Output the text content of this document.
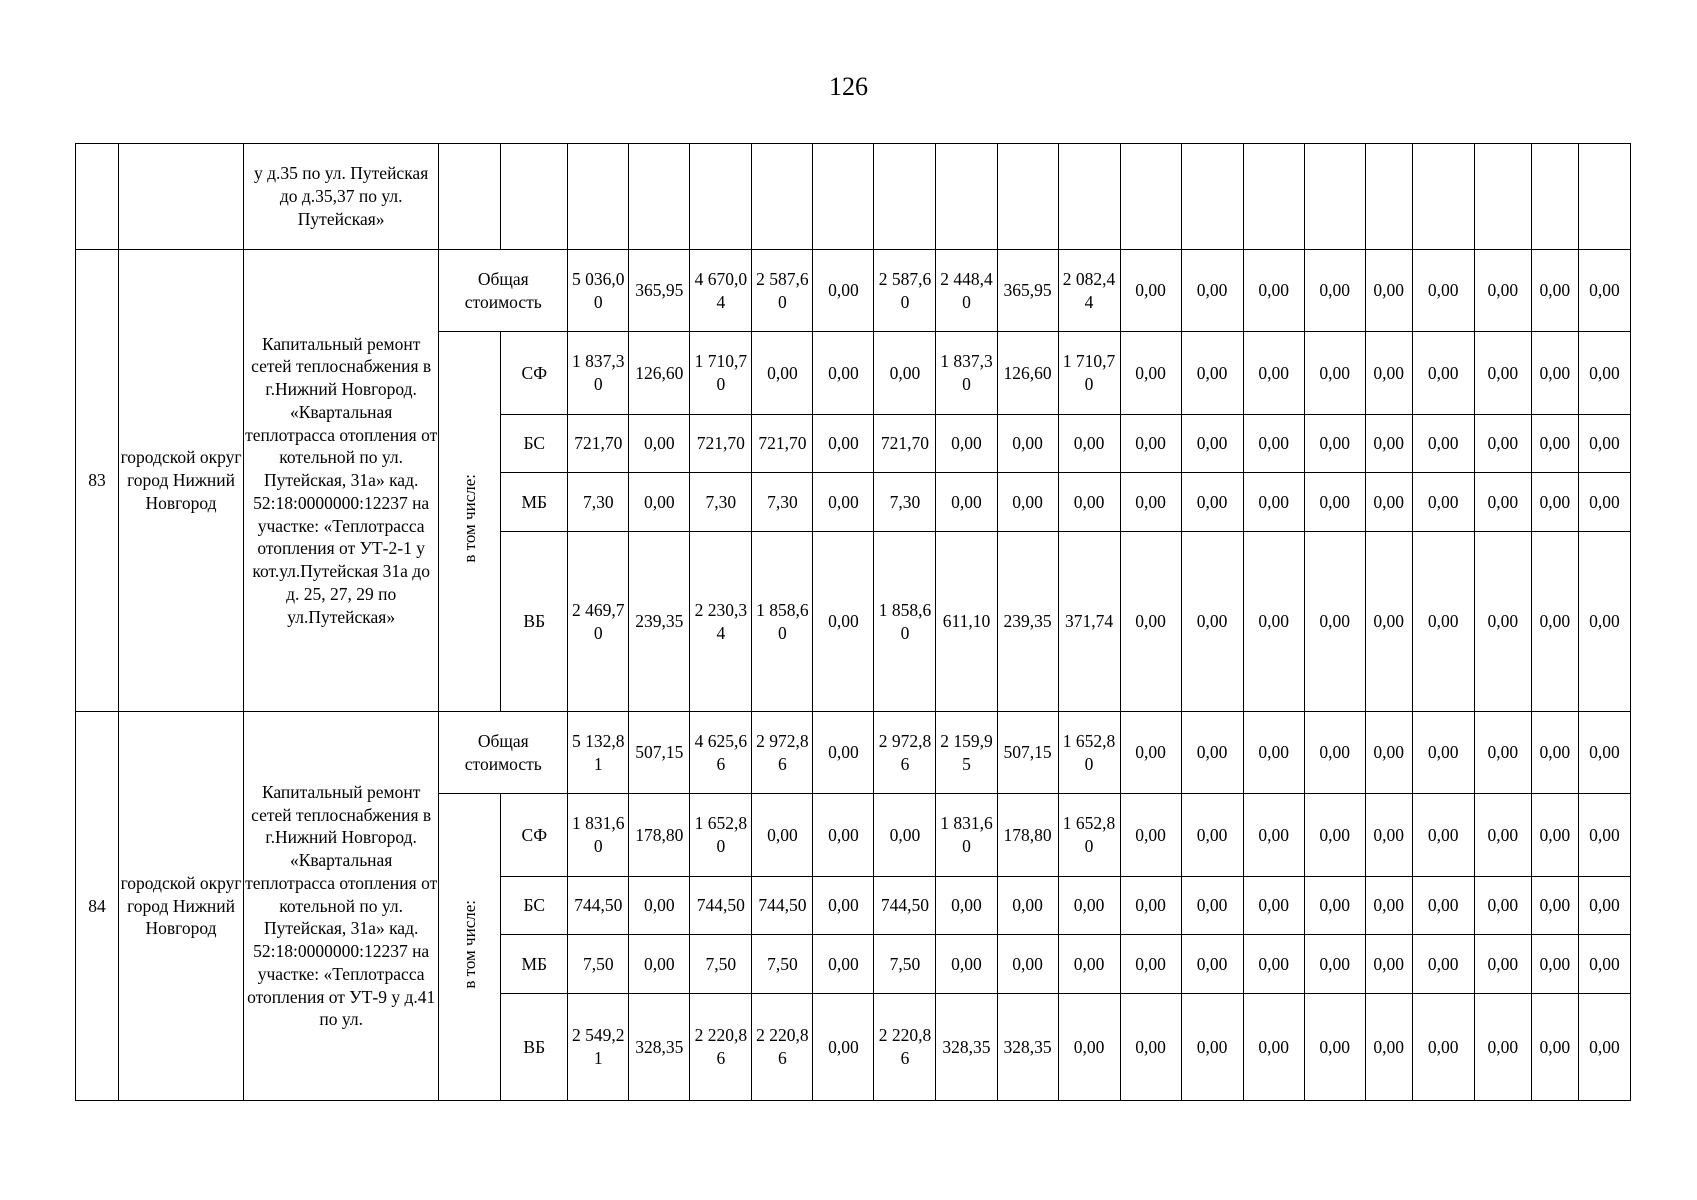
126
		у д.35 по ул. Путейская до д.35,37 по ул. Путейская»																				
83	городской округ город Нижний Новгород	Капитальный ремонт сетей теплоснабжения в г.Нижний Новгород. «Квартальная теплотрасса отопления от котельной по ул. Путейская, 31а» кад. 52:18:0000000:12237 на участке: «Теплотрасса отопления от УТ-2-1 у кот.ул.Путейская 31а до д. 25, 27, 29 по ул.Путейская»	Общая стоимость		5 036,00	365,95	4 670,04	2 587,60	0,00	2 587,60	2 448,40	365,95	2 082,44	0,00	0,00	0,00	0,00	0,00	0,00	0,00	0,00	0,00
			в том числе:	СФ	1 837,30	126,60	1 710,70	0,00	0,00	0,00	1 837,30	126,60	1 710,70	0,00	0,00	0,00	0,00	0,00	0,00	0,00	0,00	0,00
				БС	721,70	0,00	721,70	721,70	0,00	721,70	0,00	0,00	0,00	0,00	0,00	0,00	0,00	0,00	0,00	0,00	0,00	0,00
				МБ	7,30	0,00	7,30	7,30	0,00	7,30	0,00	0,00	0,00	0,00	0,00	0,00	0,00	0,00	0,00	0,00	0,00	0,00
				ВБ	2 469,70	239,35	2 230,34	1 858,60	0,00	1 858,60	611,10	239,35	371,74	0,00	0,00	0,00	0,00	0,00	0,00	0,00	0,00	0,00
84	городской округ город Нижний Новгород	Капитальный ремонт сетей теплоснабжения в г.Нижний Новгород. «Квартальная теплотрасса отопления от котельной по ул. Путейская, 31а» кад. 52:18:0000000:12237 на участке: «Теплотрасса отопления от УТ-9 у д.41 по ул.	Общая стоимость		5 132,81	507,15	4 625,66	2 972,86	0,00	2 972,86	2 159,95	507,15	1 652,80	0,00	0,00	0,00	0,00	0,00	0,00	0,00	0,00	0,00
			в том числе:	СФ	1 831,60	178,80	1 652,80	0,00	0,00	0,00	1 831,60	178,80	1 652,80	0,00	0,00	0,00	0,00	0,00	0,00	0,00	0,00	0,00
				БС	744,50	0,00	744,50	744,50	0,00	744,50	0,00	0,00	0,00	0,00	0,00	0,00	0,00	0,00	0,00	0,00	0,00	0,00
				МБ	7,50	0,00	7,50	7,50	0,00	7,50	0,00	0,00	0,00	0,00	0,00	0,00	0,00	0,00	0,00	0,00	0,00	0,00
				ВБ	2 549,21	328,35	2 220,86	2 220,86	0,00	2 220,86	328,35	328,35	0,00	0,00	0,00	0,00	0,00	0,00	0,00	0,00	0,00	0,00
